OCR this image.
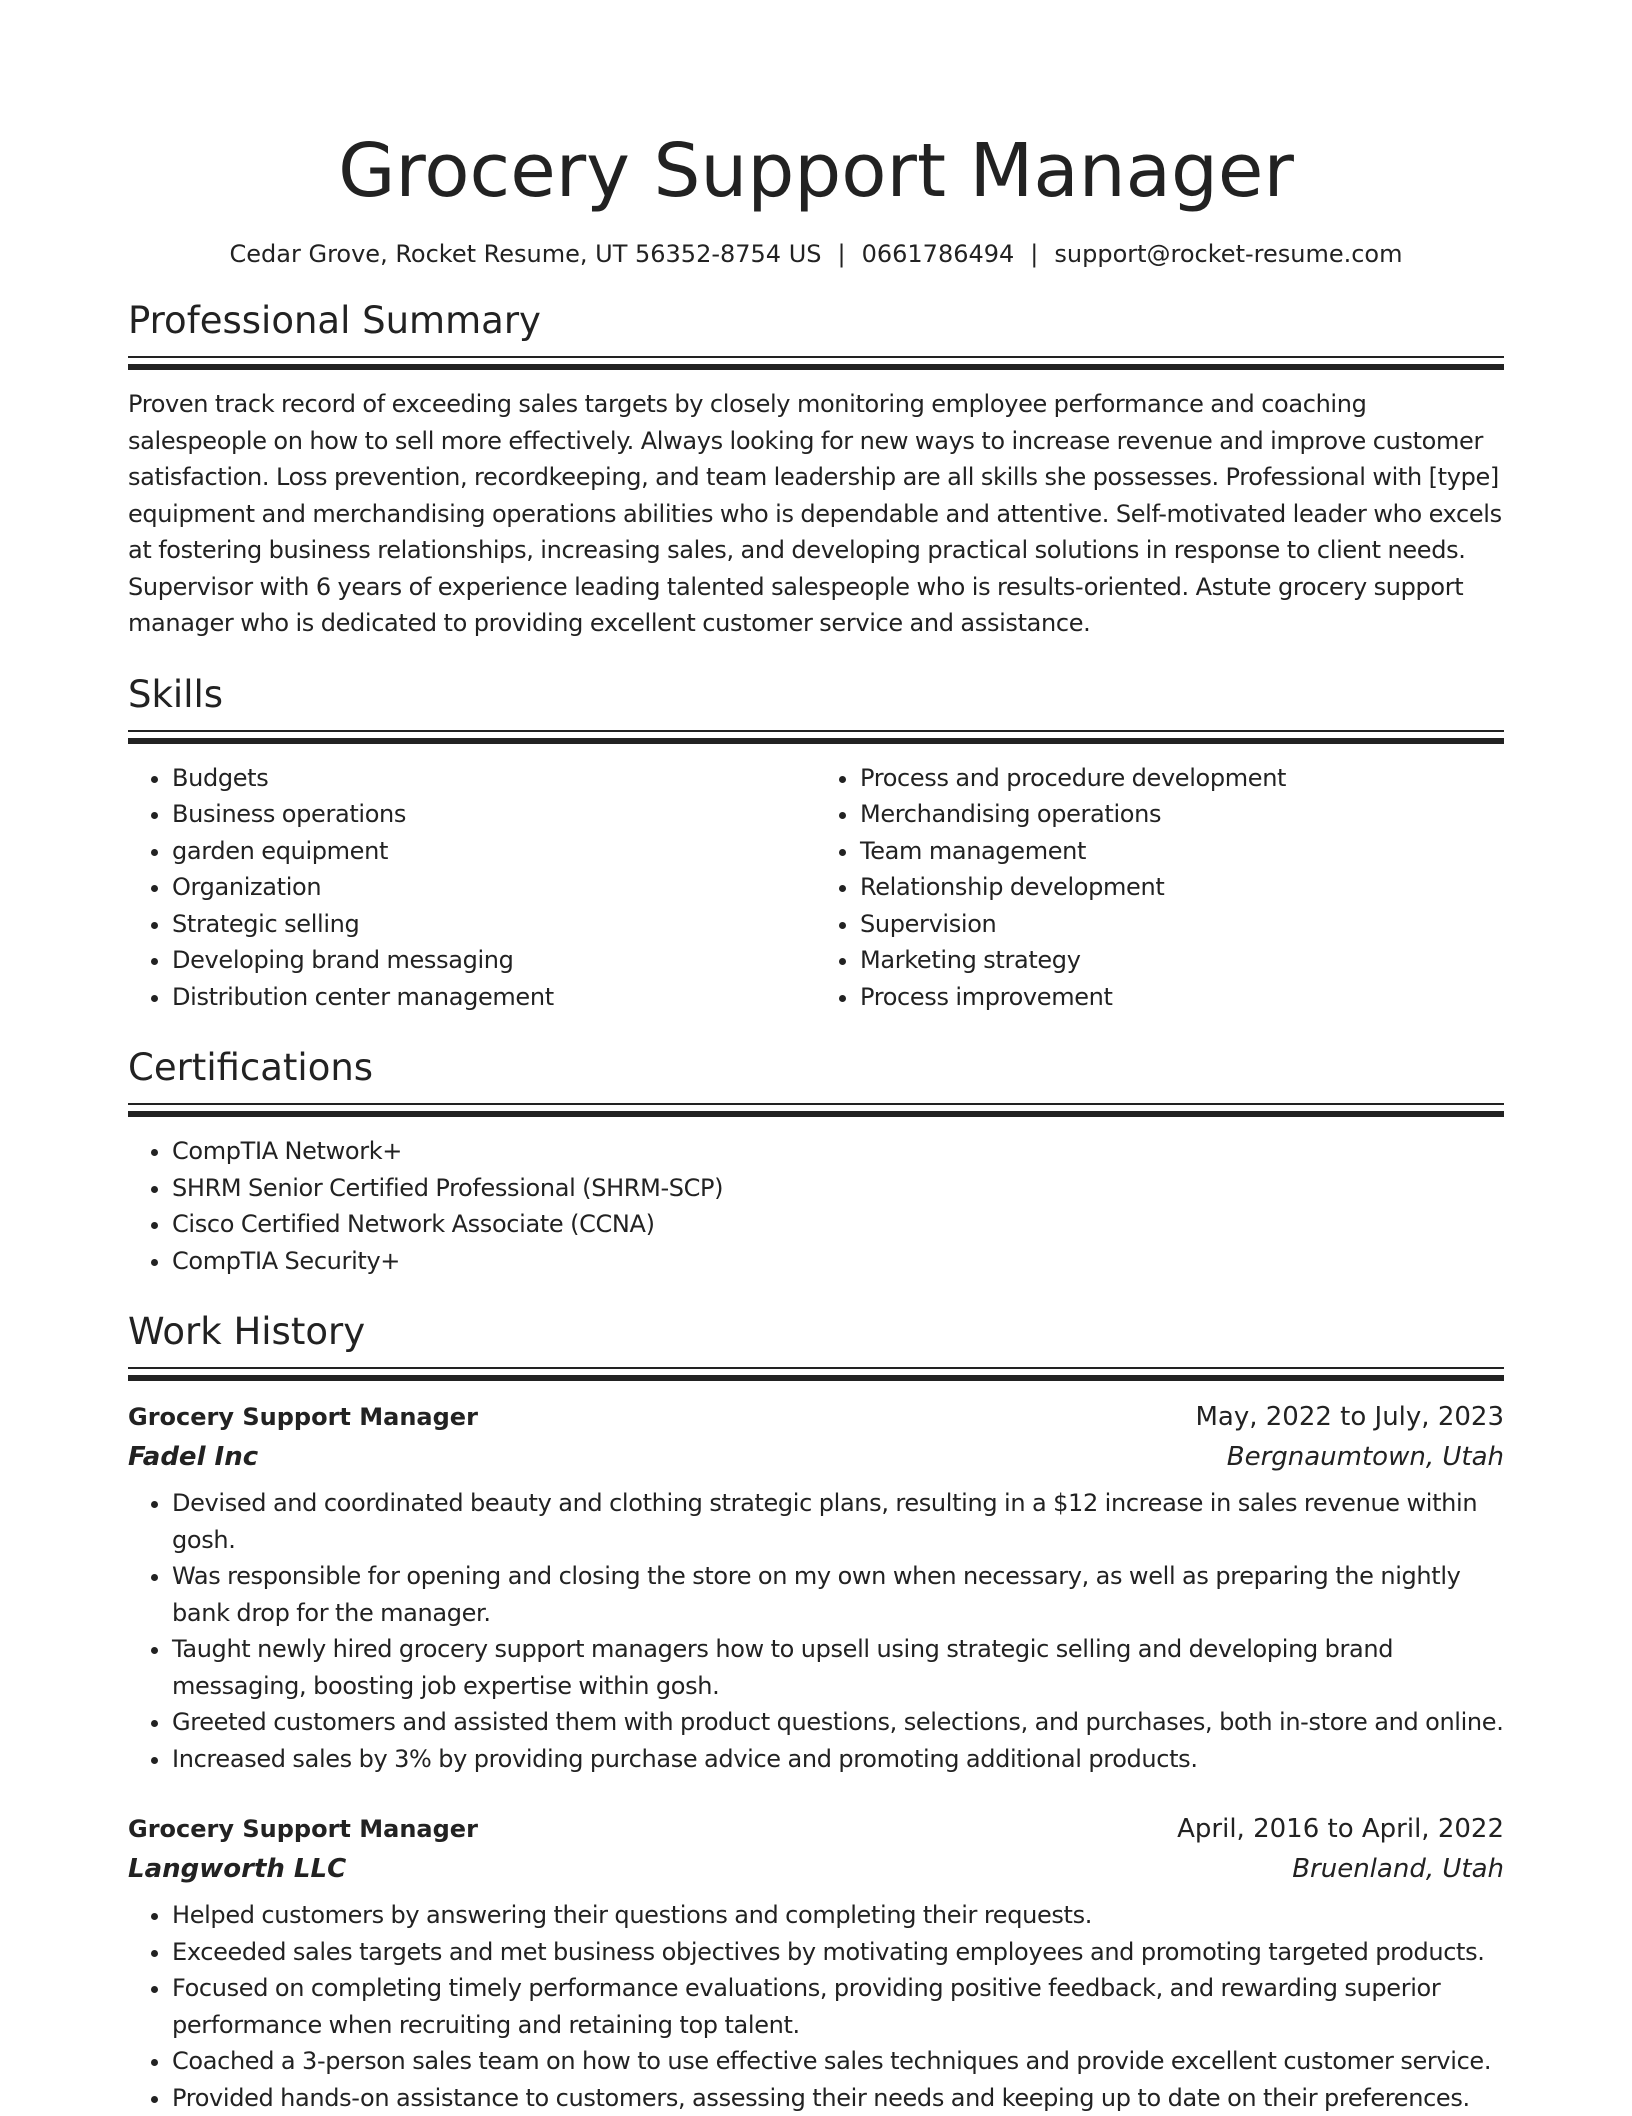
Grocery Support Manager
Cedar Grove, Rocket Resume, UT 56352-8754 US | 0661786494 | support@rocket-resume.com
Professional Summary

Proven track record of exceeding sales targets by closely monitoring employee performance and coaching salespeople on how to sell more effectively. Always looking for new ways to increase revenue and improve customer satisfaction. Loss prevention, recordkeeping, and team leadership are all skills she possesses. Professional with [type] equipment and merchandising operations abilities who is dependable and attentive. Self-motivated leader who excels at fostering business relationships, increasing sales, and developing practical solutions in response to client needs. Supervisor with 6 years of experience leading talented salespeople who is results-oriented. Astute grocery support manager who is dedicated to providing excellent customer service and assistance.

Skills
• Budgets
• Business operations
• garden equipment
• Organization
• Strategic selling
• Developing brand messaging
• Distribution center management
• Process and procedure development
• Merchandising operations
• Team management
• Relationship development
• Supervision
• Marketing strategy
• Process improvement
Certifications
• CompTIA Network+
• SHRM Senior Certified Professional (SHRM-SCP)
• Cisco Certified Network Associate (CCNA)
• CompTIA Security+
Work History
Grocery Support Manager	May, 2022 to July, 2023
Fadel Inc	Bergnaumtown, Utah
• Devised and coordinated beauty and clothing strategic plans, resulting in a $12 increase in sales revenue within gosh.
• Was responsible for opening and closing the store on my own when necessary, as well as preparing the nightly bank drop for the manager.
• Taught newly hired grocery support managers how to upsell using strategic selling and developing brand messaging, boosting job expertise within gosh.
• Greeted customers and assisted them with product questions, selections, and purchases, both in-store and online.
• Increased sales by 3% by providing purchase advice and promoting additional products.
Grocery Support Manager	April, 2016 to April, 2022
Langworth LLC	Bruenland, Utah
• Helped customers by answering their questions and completing their requests.
• Exceeded sales targets and met business objectives by motivating employees and promoting targeted products.
• Focused on completing timely performance evaluations, providing positive feedback, and rewarding superior performance when recruiting and retaining top talent.
• Coached a 3-person sales team on how to use effective sales techniques and provide excellent customer service.
• Provided hands-on assistance to customers, assessing their needs and keeping up to date on their preferences.
